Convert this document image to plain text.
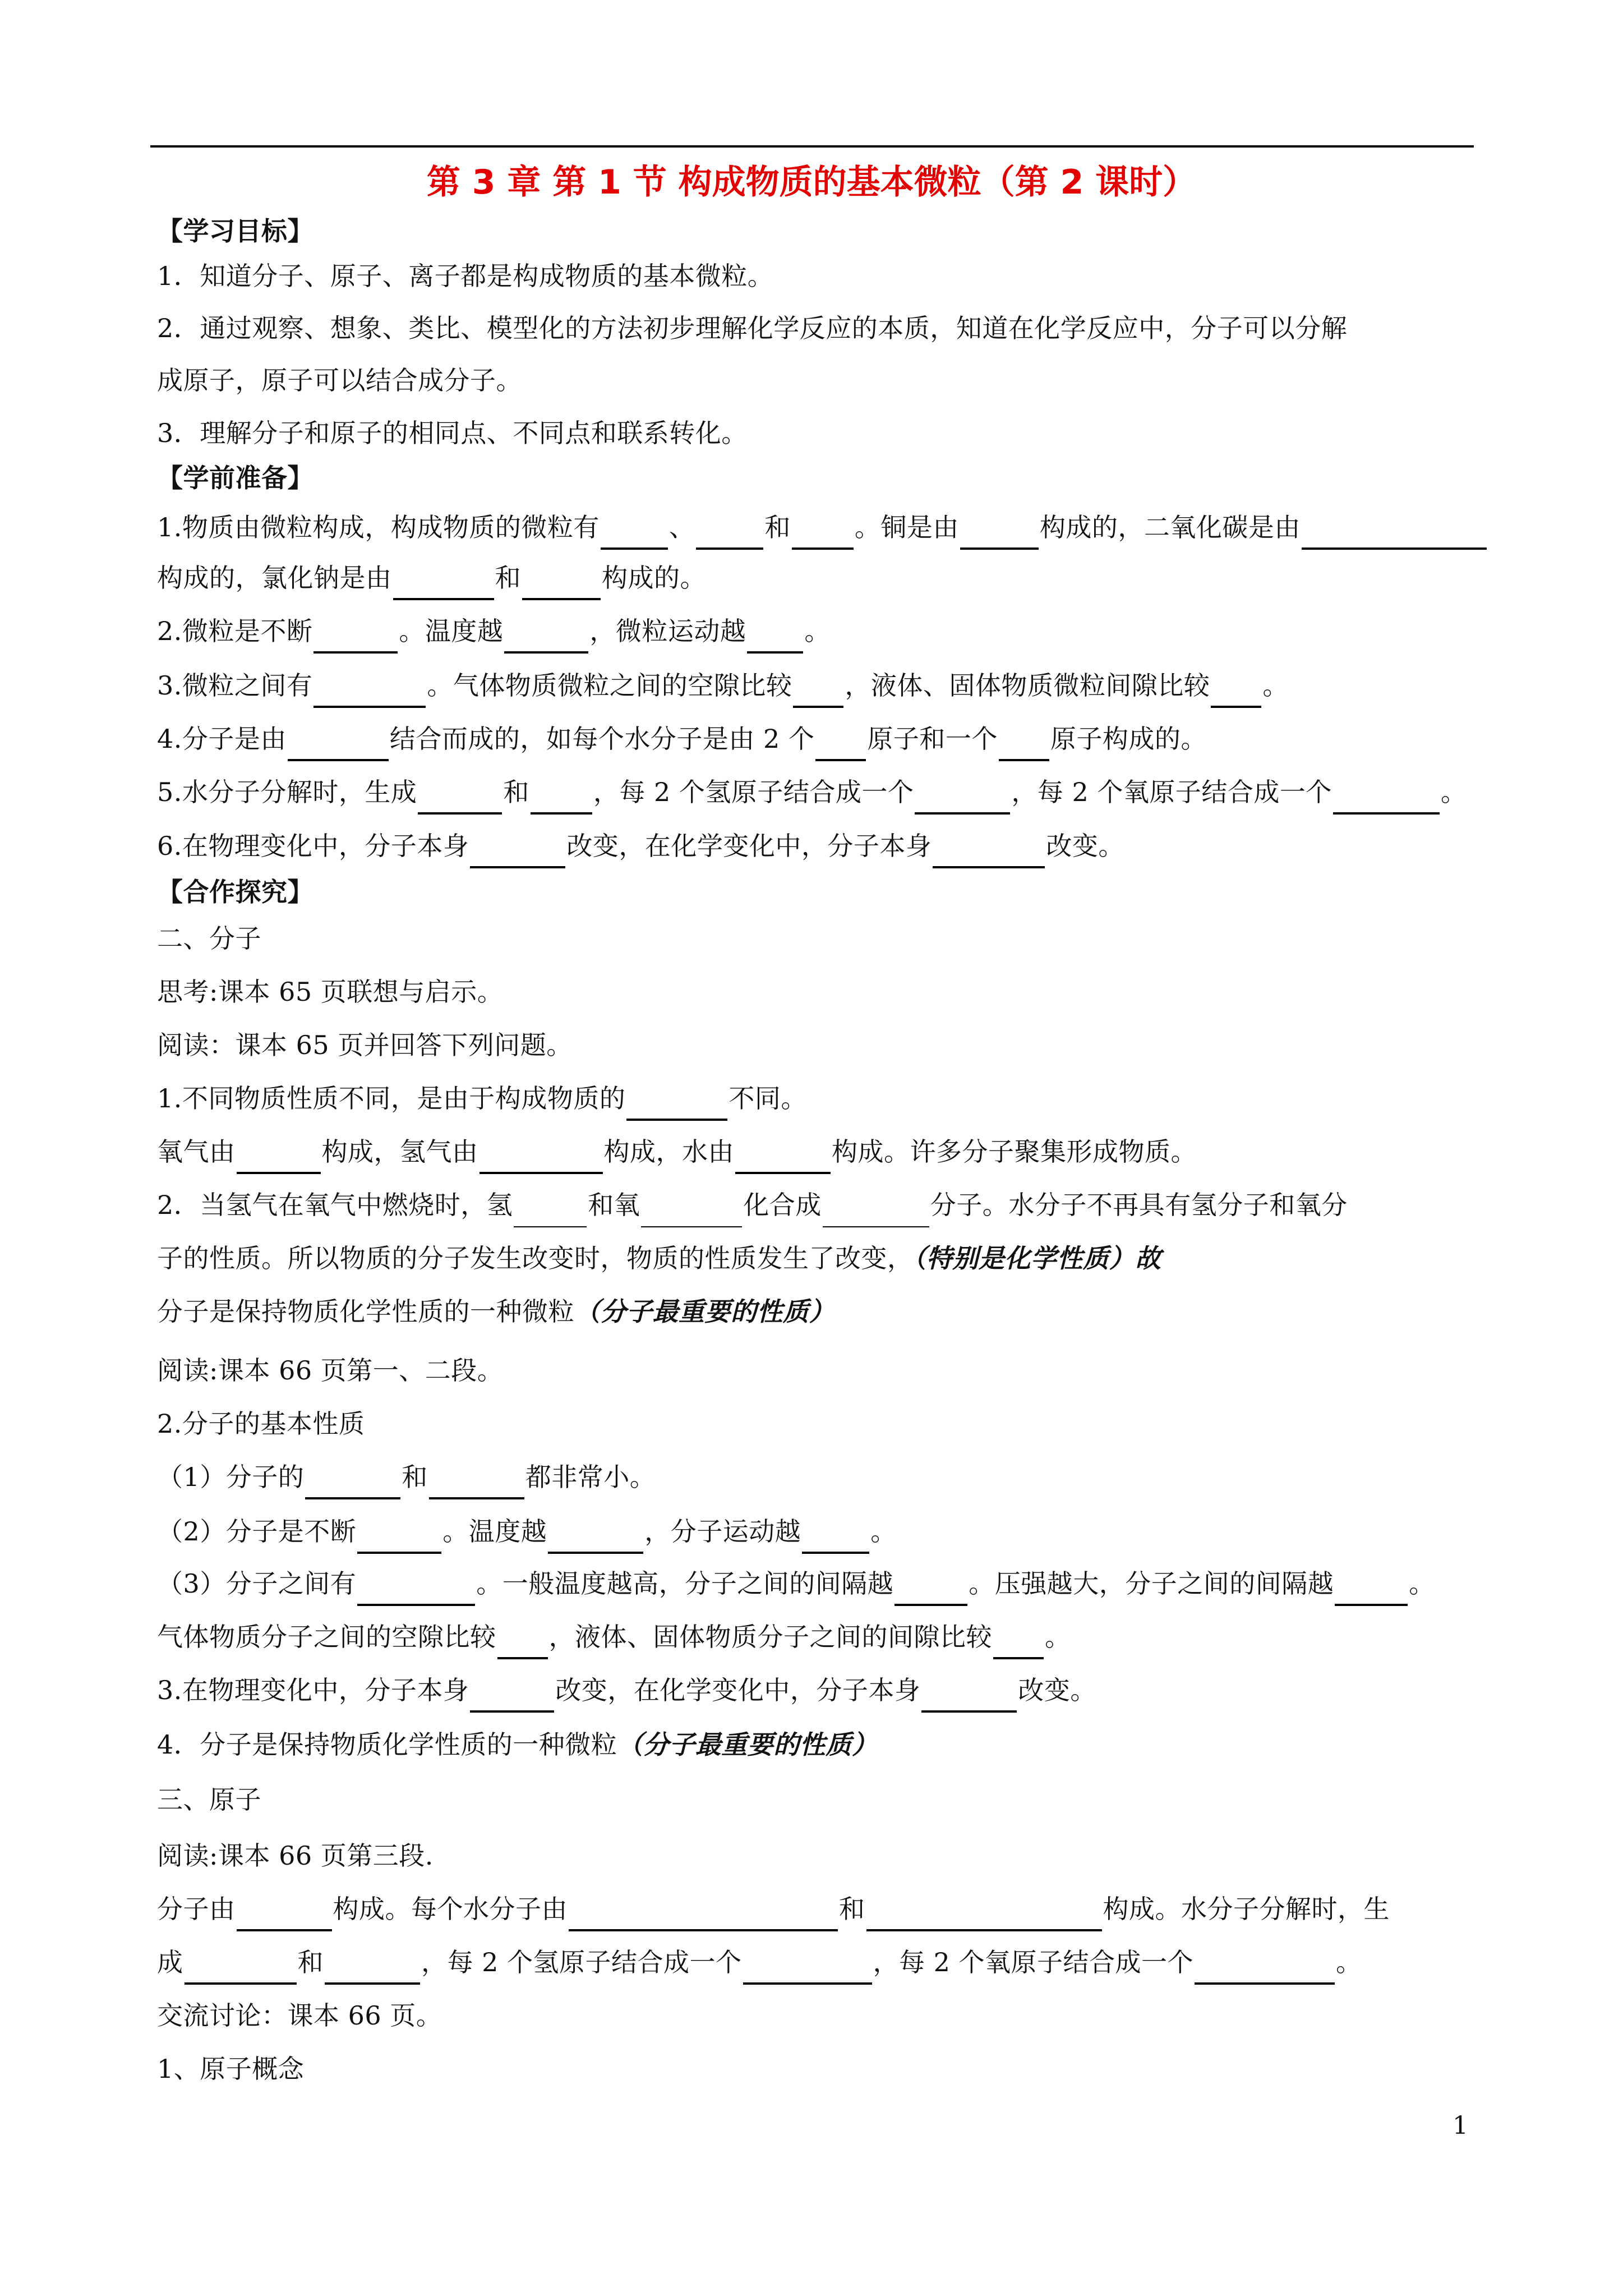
第 3 章 第 1 节 构成物质的基本微粒（第 2 课时）
【学习目标】
1．知道分子、原子、离子都是构成物质的基本微粒。
2．通过观察、想象、类比、模型化的方法初步理解化学反应的本质，知道在化学反应中，分子可以分解
成原子，原子可以结合成分子。
3．理解分子和原子的相同点、不同点和联系转化。
【学前准备】
1.物质由微粒构成，构成物质的微粒有	、	和 。铜是由	构成的，二氧化碳是由
构成的，氯化钠是由	和	构成的。
2.微粒是不断	。温度越	，微粒运动越 。
3.微粒之间有	。气体物质微粒之间的空隙比较 ，液体、固体物质微粒间隙比较 。
4.分子是由	结合而成的，如每个水分子是由 2 个 原子和一个 原子构成的。
5.水分子分解时，生成	和 ，每 2 个氢原子结合成一个	，每 2 个氧原子结合成一个	。
6.在物理变化中，分子本身	改变，在化学变化中，分子本身	改变。
【合作探究】
二、分子
思考:课本 65 页联想与启示。
阅读：课本 65 页并回答下列问题。
1.不同物质性质不同，是由于构成物质的	不同。
氧气由	构成，氢气由	构成，水由	构成。许多分子聚集形成物质。
2．当氢气在氧气中燃烧时，氢	和氧	化合成	分子。水分子不再具有氢分子和氧分
子的性质。所以物质的分子发生改变时，物质的性质发生了改变，（特别是化学性质）故
分子是保持物质化学性质的一种微粒（分子最重要的性质）
阅读:课本 66 页第一、二段。
2.分子的基本性质
（1）分子的	和	都非常小。
（2）分子是不断	。温度越	，分子运动越	。
（3）分子之间有	。一般温度越高，分子之间的间隔越	。压强越大，分子之间的间隔越	。
气体物质分子之间的空隙比较 ，液体、固体物质分子之间的间隙比较 。
3.在物理变化中，分子本身	改变，在化学变化中，分子本身	改变。
4．分子是保持物质化学性质的一种微粒（分子最重要的性质）
三、原子
阅读:课本 66 页第三段.
分子由	构成。每个水分子由	和	构成。水分子分解时，生
成	和	，每 2 个氢原子结合成一个	，每 2 个氧原子结合成一个	。
交流讨论：课本 66 页。
1、原子概念
1
